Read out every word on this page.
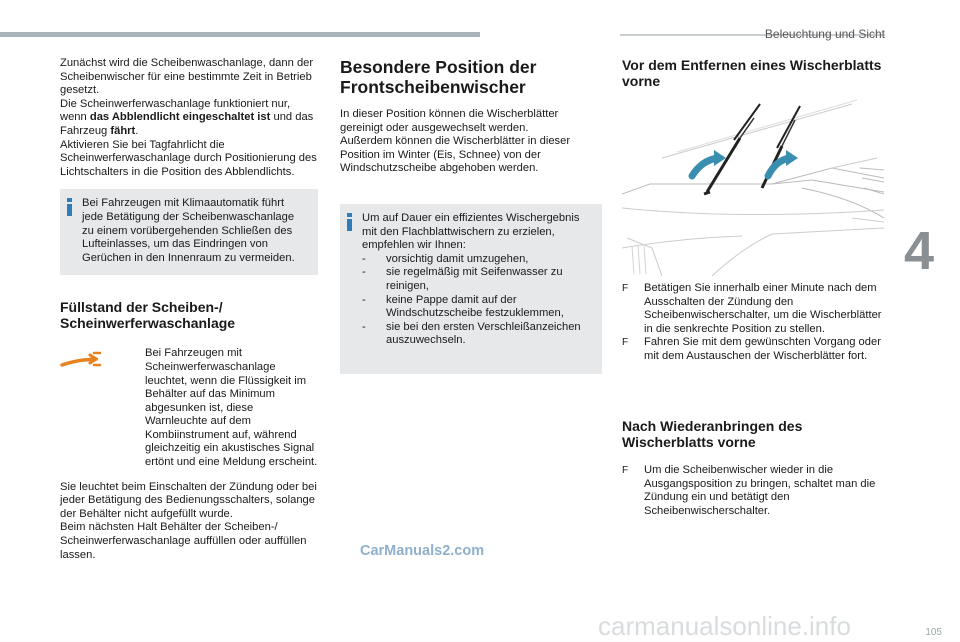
Beleuchtung und Sicht
4

Zunächst wird die Scheibenwaschanlage, dann der Scheibenwischer für eine bestimmte Zeit in Betrieb gesetzt.
Die Scheinwerferwaschanlage funktioniert nur, wenn das Abblendlicht eingeschaltet ist und das Fahrzeug fährt.
Aktivieren Sie bei Tagfahrlicht die Scheinwerferwaschanlage durch Positionierung des Lichtschalters in die Position des Abblendlichts.

Bei Fahrzeugen mit Klimaautomatik führt jede Betätigung der Scheibenwaschanlage zu einem vorübergehenden Schließen des Lufteinlasses, um das Eindringen von Gerüchen in den Innenraum zu vermeiden.

Füllstand der Scheiben-/ Scheinwerferwaschanlage

Bei Fahrzeugen mit Scheinwerferwaschanlage leuchtet, wenn die Flüssigkeit im Behälter auf das Minimum abgesunken ist, diese Warnleuchte auf dem Kombiinstrument auf, während gleichzeitig ein akustisches Signal ertönt und eine Meldung erscheint.

Sie leuchtet beim Einschalten der Zündung oder bei jeder Betätigung des Bedienungsschalters, solange der Behälter nicht aufgefüllt wurde.

Beim nächsten Halt Behälter der Scheiben-/ Scheinwerferwaschanlage auffüllen oder auffüllen lassen.

Besondere Position der Frontscheibenwischer

In dieser Position können die Wischerblätter gereinigt oder ausgewechselt werden.

Außerdem können die Wischerblätter in dieser Position im Winter (Eis, Schnee) von der Windschutzscheibe abgehoben werden.

Um auf Dauer ein effizientes Wischergebnis mit den Flachblattwischern zu erzielen, empfehlen wir Ihnen:

-	vorsichtig damit umzugehen,
-	sie regelmäßig mit Seifenwasser zu reinigen,
-	keine Pappe damit auf der Windschutzscheibe festzuklemmen,
-	sie bei den ersten Verschleißanzeichen auszuwechseln.
CarManuals2.com
Vor dem Entfernen eines Wischerblatts vorne
F	Betätigen Sie innerhalb einer Minute nach dem Ausschalten der Zündung den Scheibenwischerschalter, um die Wischerblätter in die senkrechte Position zu stellen.
F	Fahren Sie mit dem gewünschten Vorgang oder mit dem Austauschen der Wischerblätter fort.
Nach Wiederanbringen des Wischerblatts vorne
F	Um die Scheibenwischer wieder in die Ausgangsposition zu bringen, schaltet man die Zündung ein und betätigt den Scheibenwischerschalter.
carmanualsonline.info	105
